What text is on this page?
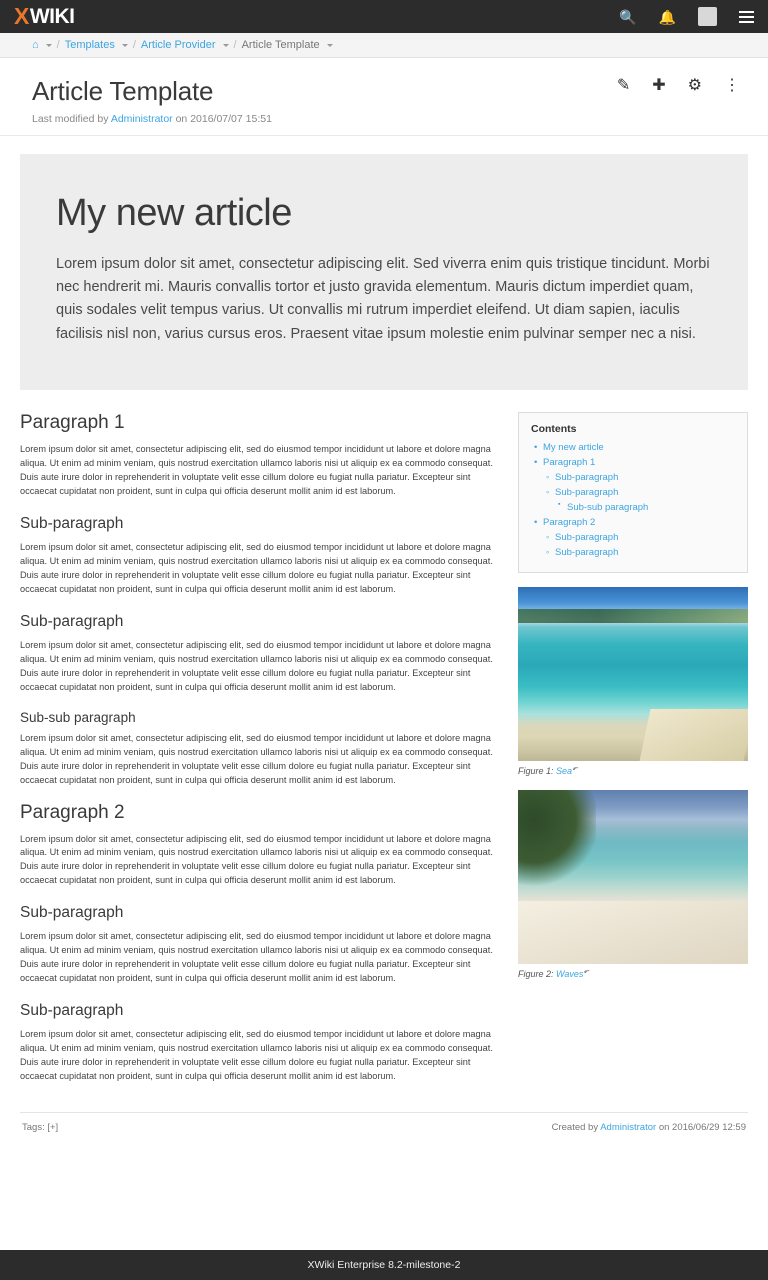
X WIKI	🔍 🔔
⌂ / Templates / Article Provider / Article Template
Article Template
Last modified by Administrator on 2016/07/07 15:51
✎ ✚ ⚙ ⋮
My new article

Lorem ipsum dolor sit amet, consectetur adipiscing elit. Sed viverra enim quis tristique tincidunt. Morbi nec hendrerit mi. Mauris convallis tortor et justo gravida elementum. Mauris dictum imperdiet quam, quis sodales velit tempus varius. Ut convallis mi rutrum imperdiet eleifend. Ut diam sapien, iaculis facilisis nisl non, varius cursus eros. Praesent vitae ipsum molestie enim pulvinar semper nec a nisi.

Paragraph 1

Lorem ipsum dolor sit amet, consectetur adipiscing elit, sed do eiusmod tempor incididunt ut labore et dolore magna aliqua. Ut enim ad minim veniam, quis nostrud exercitation ullamco laboris nisi ut aliquip ex ea commodo consequat. Duis aute irure dolor in reprehenderit in voluptate velit esse cillum dolore eu fugiat nulla pariatur. Excepteur sint occaecat cupidatat non proident, sunt in culpa qui officia deserunt mollit anim id est laborum.

Sub-paragraph

Lorem ipsum dolor sit amet, consectetur adipiscing elit, sed do eiusmod tempor incididunt ut labore et dolore magna aliqua. Ut enim ad minim veniam, quis nostrud exercitation ullamco laboris nisi ut aliquip ex ea commodo consequat. Duis aute irure dolor in reprehenderit in voluptate velit esse cillum dolore eu fugiat nulla pariatur. Excepteur sint occaecat cupidatat non proident, sunt in culpa qui officia deserunt mollit anim id est laborum.

Sub-paragraph

Lorem ipsum dolor sit amet, consectetur adipiscing elit, sed do eiusmod tempor incididunt ut labore et dolore magna aliqua. Ut enim ad minim veniam, quis nostrud exercitation ullamco laboris nisi ut aliquip ex ea commodo consequat. Duis aute irure dolor in reprehenderit in voluptate velit esse cillum dolore eu fugiat nulla pariatur. Excepteur sint occaecat cupidatat non proident, sunt in culpa qui officia deserunt mollit anim id est laborum.

Sub-sub paragraph

Lorem ipsum dolor sit amet, consectetur adipiscing elit, sed do eiusmod tempor incididunt ut labore et dolore magna aliqua. Ut enim ad minim veniam, quis nostrud exercitation ullamco laboris nisi ut aliquip ex ea commodo consequat. Duis aute irure dolor in reprehenderit in voluptate velit esse cillum dolore eu fugiat nulla pariatur. Excepteur sint occaecat cupidatat non proident, sunt in culpa qui officia deserunt mollit anim id est laborum.

Paragraph 2

Lorem ipsum dolor sit amet, consectetur adipiscing elit, sed do eiusmod tempor incididunt ut labore et dolore magna aliqua. Ut enim ad minim veniam, quis nostrud exercitation ullamco laboris nisi ut aliquip ex ea commodo consequat. Duis aute irure dolor in reprehenderit in voluptate velit esse cillum dolore eu fugiat nulla pariatur. Excepteur sint occaecat cupidatat non proident, sunt in culpa qui officia deserunt mollit anim id est laborum.

Sub-paragraph

Lorem ipsum dolor sit amet, consectetur adipiscing elit, sed do eiusmod tempor incididunt ut labore et dolore magna aliqua. Ut enim ad minim veniam, quis nostrud exercitation ullamco laboris nisi ut aliquip ex ea commodo consequat. Duis aute irure dolor in reprehenderit in voluptate velit esse cillum dolore eu fugiat nulla pariatur. Excepteur sint occaecat cupidatat non proident, sunt in culpa qui officia deserunt mollit anim id est laborum.

Sub-paragraph

Lorem ipsum dolor sit amet, consectetur adipiscing elit, sed do eiusmod tempor incididunt ut labore et dolore magna aliqua. Ut enim ad minim veniam, quis nostrud exercitation ullamco laboris nisi ut aliquip ex ea commodo consequat. Duis aute irure dolor in reprehenderit in voluptate velit esse cillum dolore eu fugiat nulla pariatur. Excepteur sint occaecat cupidatat non proident, sunt in culpa qui officia deserunt mollit anim id est laborum.

Contents
• My new article
• Paragraph 1
◦ Sub-paragraph
◦ Sub-paragraph
▪ Sub-sub paragraph
• Paragraph 2
◦ Sub-paragraph
◦ Sub-paragraph
Figure 1: Sea⬐
Figure 2: Waves⬐
Tags: [+]	Created by Administrator on 2016/06/29 12:59
XWiki Enterprise 8.2-milestone-2
